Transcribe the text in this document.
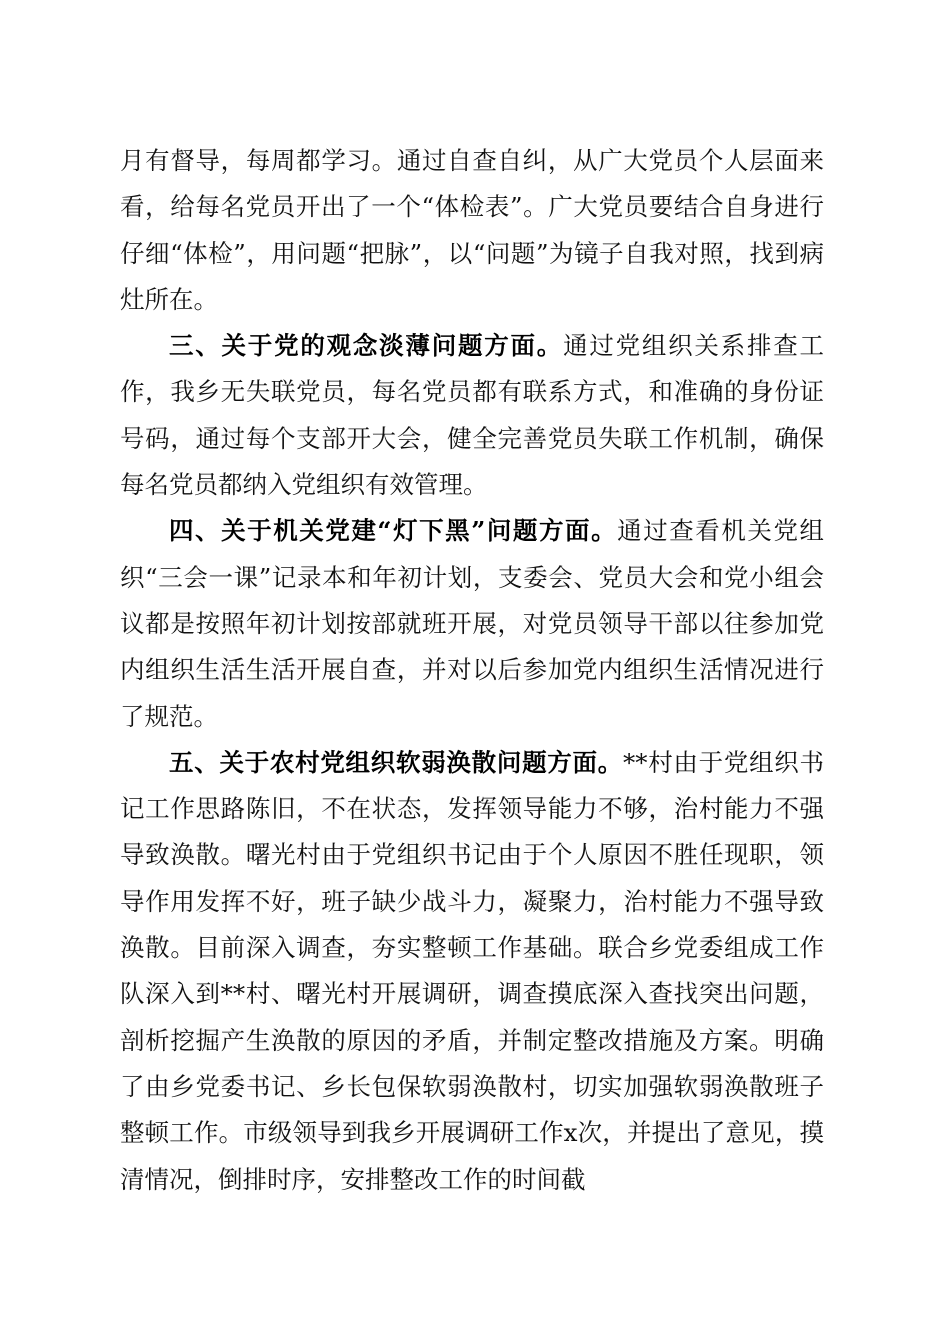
月有督导，每周都学习。通过自查自纠，从广大党员个人层面来看，给每名党员开出了一个“体检表”。广大党员要结合自身进行仔细“体检”，用问题“把脉”，以“问题”为镜子自我对照，找到病灶所在。

三、关于党的观念淡薄问题方面。通过党组织关系排查工作，我乡无失联党员，每名党员都有联系方式，和准确的身份证号码，通过每个支部开大会，健全完善党员失联工作机制，确保每名党员都纳入党组织有效管理。

四、关于机关党建“灯下黑”问题方面。通过查看机关党组织“三会一课”记录本和年初计划，支委会、党员大会和党小组会议都是按照年初计划按部就班开展，对党员领导干部以往参加党内组织生活生活开展自查，并对以后参加党内组织生活情况进行了规范。

五、关于农村党组织软弱涣散问题方面。**村由于党组织书记工作思路陈旧，不在状态，发挥领导能力不够，治村能力不强导致涣散。曙光村由于党组织书记由于个人原因不胜任现职，领导作用发挥不好，班子缺少战斗力，凝聚力，治村能力不强导致涣散。目前深入调查，夯实整顿工作基础。联合乡党委组成工作队深入到**村、曙光村开展调研，调查摸底深入查找突出问题，剖析挖掘产生涣散的原因的矛盾，并制定整改措施及方案。明确了由乡党委书记、乡长包保软弱涣散村，切实加强软弱涣散班子整顿工作。市级领导到我乡开展调研工作x次，并提出了意见，摸清情况，倒排时序，安排整改工作的时间截
